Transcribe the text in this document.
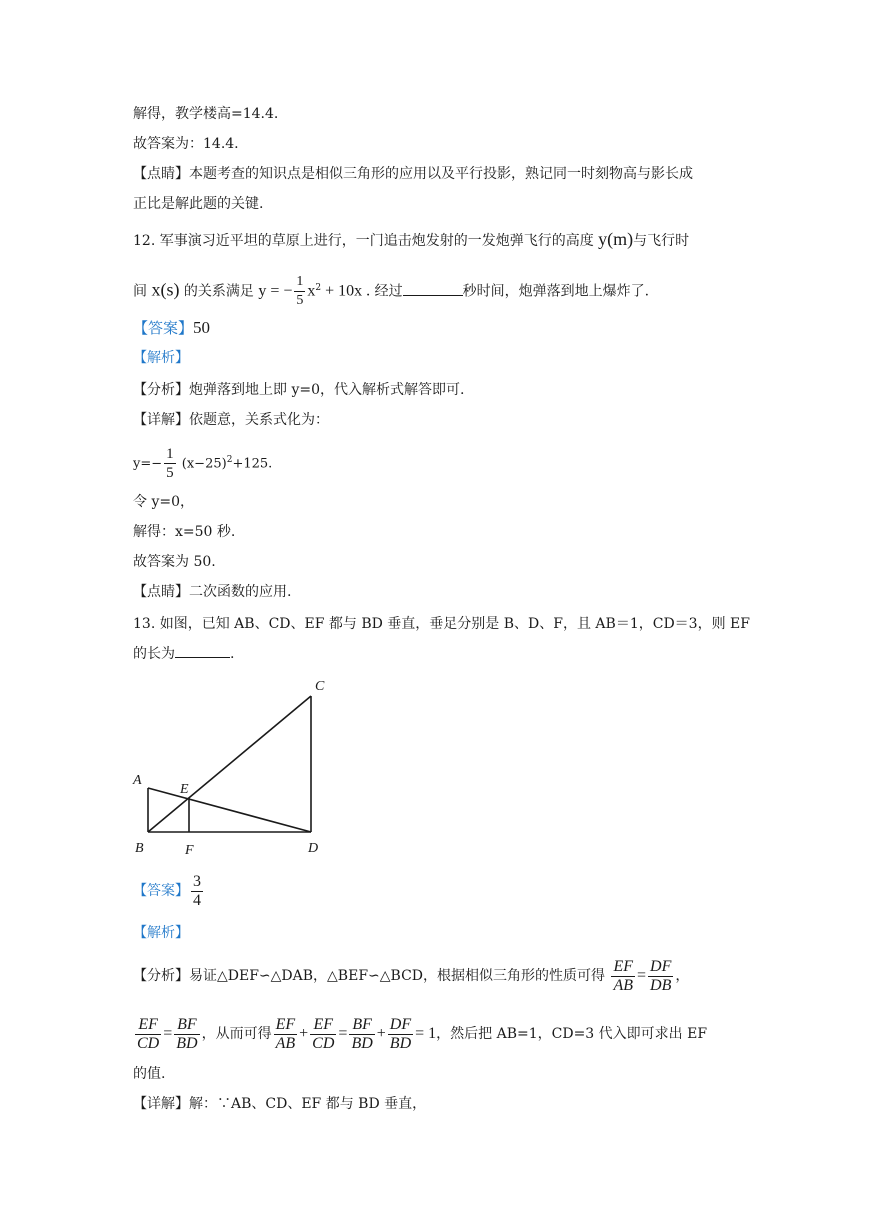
解得，教学楼高=14.4.
故答案为：14.4.
【点睛】本题考查的知识点是相似三角形的应用以及平行投影，熟记同一时刻物高与影长成
正比是解此题的关键.
12. 军事演习近平坦的草原上进行，一门追击炮发射的一发炮弹飞行的高度 y(m)与飞行时
间 x(s) 的关系满足 y = − $\frac{1}{5} x^2 + 10x$ . 经过	秒时间，炮弹落到地上爆炸了.
【答案】50
【解析】
【分析】炮弹落到地上即 y=0，代入解析式解答即可.
【详解】依题意，关系式化为：
$y=- \frac{1}{5} (x-25)^2+125$.
令 y=0，
解得：x=50 秒.
故答案为 50.
【点睛】二次函数的应用.
13. 如图，已知 AB、CD、EF 都与 BD 垂直，垂足分别是 B、D、F，且 AB＝1，CD＝3，则 EF
的长为	.
A
B
C
D
E
F
【答案】 $\frac{3}{4}$
【解析】
【分析】易证△DEF∽△DAB，△BEF∽△BCD，根据相似三角形的性质可得 $\frac{EF}{AB} = \frac{DF}{DB}$ ，
$\frac{EF}{CD} = \frac{BF}{BD}$ ，从而可得 $\frac{EF}{AB} + \frac{EF}{CD} = \frac{BF}{BD} + \frac{DF}{BD} = 1$，然后把 AB=1，CD=3 代入即可求出 EF
的值.
【详解】解：∵AB、CD、EF 都与 BD 垂直，
